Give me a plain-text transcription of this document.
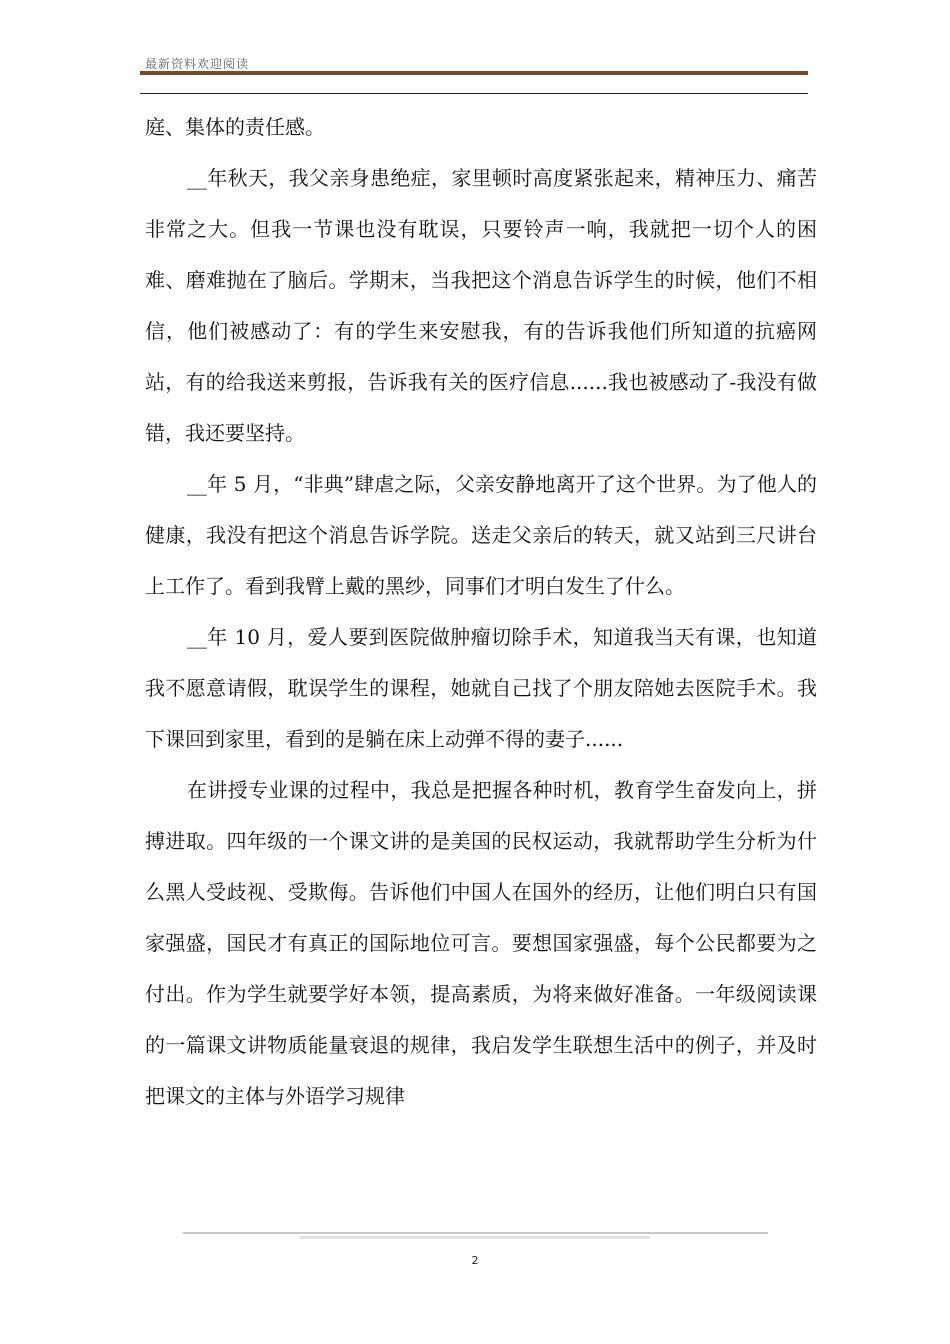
最新资料欢迎阅读

庭、集体的责任感。

__年秋天，我父亲身患绝症，家里顿时高度紧张起来，精神压力、痛苦非常之大。但我一节课也没有耽误，只要铃声一响，我就把一切个人的困难、磨难抛在了脑后。学期末，当我把这个消息告诉学生的时候，他们不相信，他们被感动了：有的学生来安慰我，有的告诉我他们所知道的抗癌网站，有的给我送来剪报，告诉我有关的医疗信息......我也被感动了-我没有做错，我还要坚持。

__年 5 月，“非典”肆虐之际，父亲安静地离开了这个世界。为了他人的健康，我没有把这个消息告诉学院。送走父亲后的转天，就又站到三尺讲台上工作了。看到我臂上戴的黑纱，同事们才明白发生了什么。

__年 10 月，爱人要到医院做肿瘤切除手术，知道我当天有课，也知道我不愿意请假，耽误学生的课程，她就自己找了个朋友陪她去医院手术。我下课回到家里，看到的是躺在床上动弹不得的妻子......

在讲授专业课的过程中，我总是把握各种时机，教育学生奋发向上，拼搏进取。四年级的一个课文讲的是美国的民权运动，我就帮助学生分析为什么黑人受歧视、受欺侮。告诉他们中国人在国外的经历，让他们明白只有国家强盛，国民才有真正的国际地位可言。要想国家强盛，每个公民都要为之付出。作为学生就要学好本领，提高素质，为将来做好准备。一年级阅读课的一篇课文讲物质能量衰退的规律，我启发学生联想生活中的例子，并及时把课文的主体与外语学习规律

2
